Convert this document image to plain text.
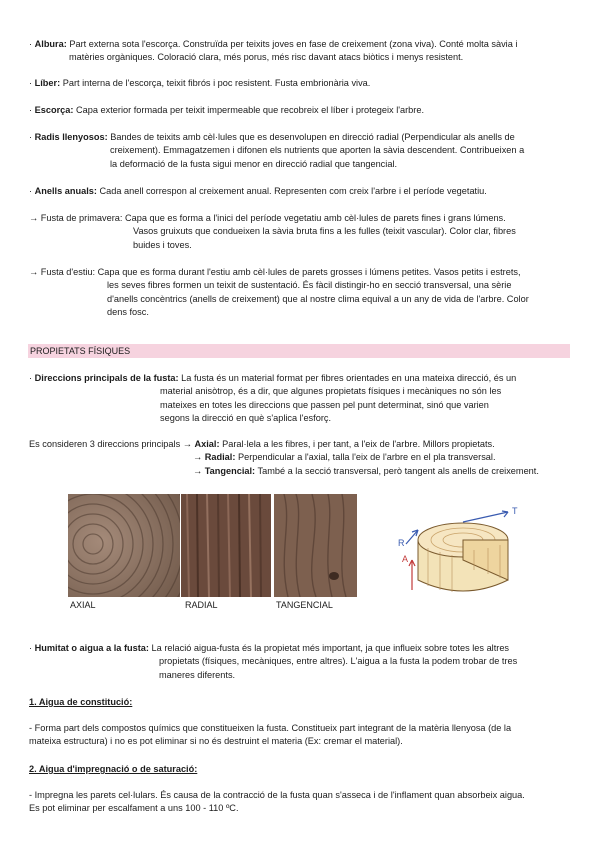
· Albura: Part externa sota l'escorça. Construïda per teixits joves en fase de creixement (zona viva). Conté molta sàvia i
matèries orgàniques. Coloració clara, més porus, més risc davant atacs biòtics i menys resistent.
· Líber: Part interna de l'escorça, teixit fibrós i poc resistent. Fusta embrionària viva.
· Escorça: Capa exterior formada per teixit impermeable que recobreix el líber i protegeix l'arbre.
· Radis llenyosos: Bandes de teixits amb cèl·lules que es desenvolupen en direcció radial (Perpendicular als anells de
creixement). Emmagatzemen i difonen els nutrients que aporten la sàvia descendent. Contribueixen a
la deformació de la fusta sigui menor en direcció radial que tangencial.
· Anells anuals: Cada anell correspon al creixement anual. Representen com creix l'arbre i el període vegetatiu.
→ Fusta de primavera: Capa que es forma a l'inici del període vegetatiu amb cèl·lules de parets fines i grans lúmens.
Vasos gruixuts que condueixen la sàvia bruta fins a les fulles (teixit vascular). Color clar, fibres
buides i toves.
→ Fusta d'estiu: Capa que es forma durant l'estiu amb cèl·lules de parets grosses i lúmens petites. Vasos petits i estrets,
les seves fibres formen un teixit de sustentació. És fàcil distingir-ho en secció transversal, una sèrie
d'anells concèntrics (anells de creixement) que al nostre clima equival a un any de vida de l'arbre. Color
dens fosc.
PROPIETATS FÍSIQUES
· Direccions principals de la fusta: La fusta és un material format per fibres orientades en una mateixa direcció, és un
material anisòtrop, és a dir, que algunes propietats físiques i mecàniques no són les
mateixes en totes les direccions que passen pel punt determinat, sinó que varien
segons la direcció en què s'aplica l'esforç.
Es consideren 3 direccions principals → Axial: Paral·lela a les fibres, i per tant, a l'eix de l'arbre. Millors propietats.
→ Radial: Perpendicular a l'axial, talla l'eix de l'arbre en el pla transversal.
→ Tangencial: També a la secció transversal, però tangent als anells de creixement.
AXIAL	RADIAL	TANGENCIAL
R
A
T
· Humitat o aigua a la fusta: La relació aigua-fusta és la propietat més important, ja que influeix sobre totes les altres
propietats (físiques, mecàniques, entre altres). L'aigua a la fusta la podem trobar de tres
maneres diferents.
1. Aigua de constitució:
- Forma part dels compostos químics que constitueixen la fusta. Constitueix part integrant de la matèria llenyosa (de la
mateixa estructura) i no es pot eliminar si no és destruint el materia (Ex: cremar el material).
2. Aigua d'impregnació o de saturació:
- Impregna les parets cel·lulars. És causa de la contracció de la fusta quan s'asseca i de l'inflament quan absorbeix aigua.
Es pot eliminar per escalfament a uns 100 - 110 ºC.
